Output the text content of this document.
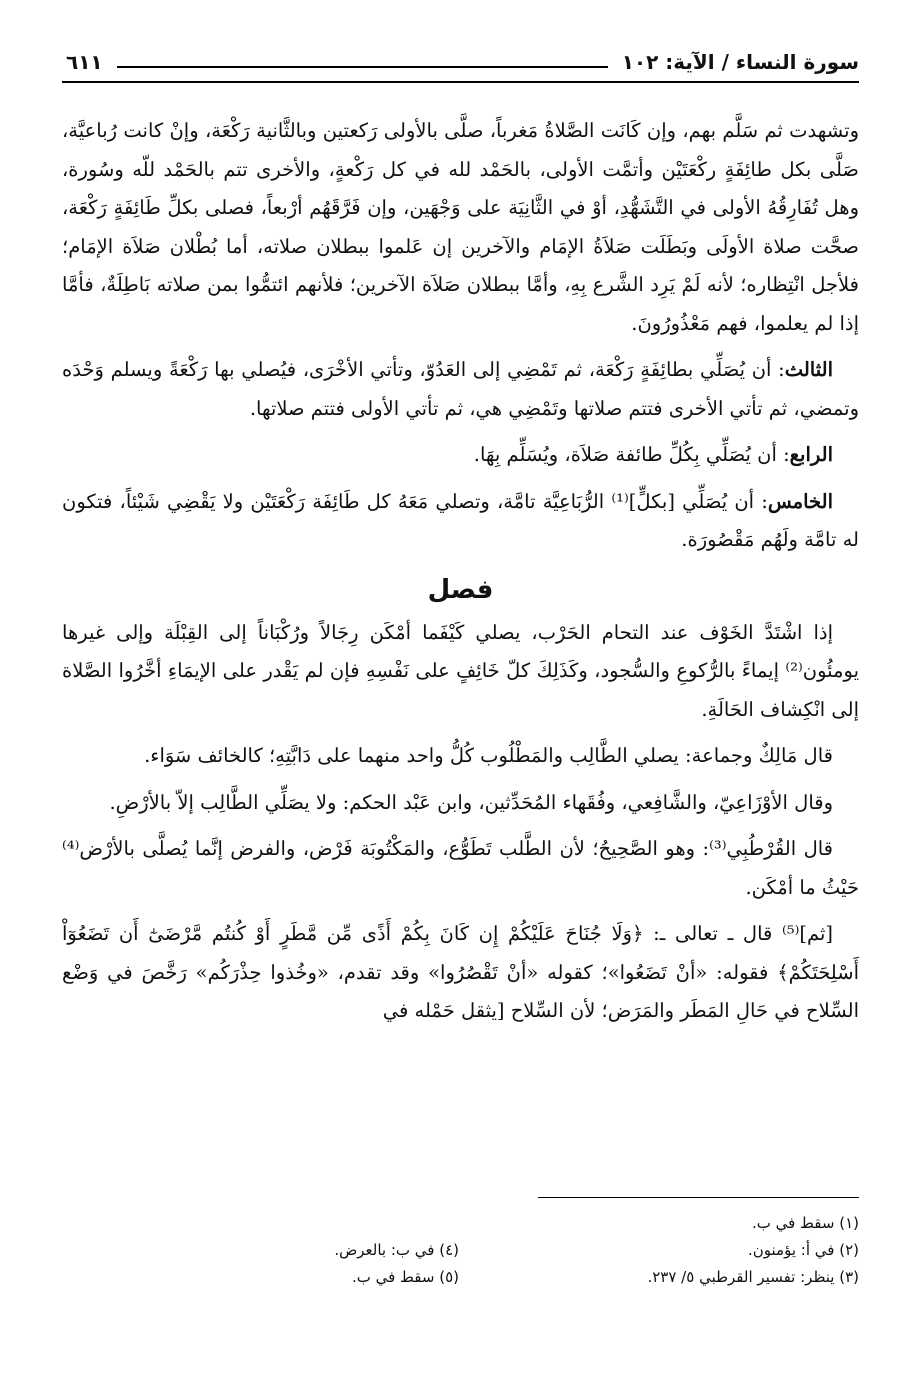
سورة النساء / الآية: ١٠٢
٦١١

وتشهدت ثم سَلَّم بهم، وإن كَانَت الصَّلاةُ مَغرباً، صلَّى بالأولى رَكعتين وبالثَّانية رَكْعَة، وإنْ كانت رُباعيَّة، صَلَّى بكل طائِفَةٍ ركْعَتَيْن وأتمَّت الأولى، بالحَمْد لله في كل رَكْعةٍ، والأخرى تتم بالحَمْد للّه وسُورة، وهل تُفَارِقُهُ الأولى في التَّشَهُّدِ، أوْ في الثَّانِيَة على وَجْهَين، وإن فَرَّقَهُم أرْبعاً، فصلى بكلِّ طَائِفَةٍ رَكْعَة، صحَّت صلاة الأولَى وبَطَلَت صَلاَةُ الإمَام والآخرين إن عَلموا ببطلان صلاته، أما بُطْلان صَلاَة الإمَام؛ فلأجل انْتِظاره؛ لأنه لَمْ يَرِد الشَّرع بِهِ، وأمَّا ببطلان صَلاَة الآخرين؛ فلأنهم ائتمُّوا بمن صلاته بَاطِلَةٌ، فأمَّا إذا لم يعلموا، فهم مَعْذُورُونَ.

الثالث: أن يُصَلِّي بطائِفَةٍ رَكْعَة، ثم تَمْضِي إلى العَدُوّ، وتأتي الأخْرَى، فيُصلي بها رَكْعَةً ويسلم وَحْدَه وتمضي، ثم تأتي الأخرى فتتم صلاتها وتَمْضِي هي، ثم تأتي الأولى فتتم صلاتها.

الرابع: أن يُصَلِّي بِكُلِّ طائفة صَلاَة، ويُسَلِّم بِهَا.

الخامس: أن يُصَلِّي [بكلٍّ]⁽¹⁾ الرُّبَاعِيَّة تامَّة، وتصلي مَعَهُ كل طَائِفَة رَكْعَتَيْن ولا يَقْضِي شَيْئاً، فتكون له تامَّة ولَهُم مَقْصُورَة.

فصل

إذا اشْتَدَّ الخَوْف عند التحام الحَرْب، يصلي كَيْفَما أمْكَن رِجَالاً ورُكْبَاناً إلى القِبْلَة وإلى غيرها يومئُون⁽²⁾ إيماءً بالرُّكوعِ والسُّجود، وكَذَلِكَ كلّ خَائِفٍ على نَفْسِهِ فإن لم يَقْدر على الإيمَاءِ أخَّرُوا الصَّلاة إلى انْكِشاف الحَالَةِ.

قال مَالِكٌ وجماعة: يصلي الطَّالِب والمَطْلُوب كُلُّ واحد منهما على دَابَّتِهِ؛ كالخائف سَوَاء.

وقال الأوْزَاعِيّ، والشَّافِعي، وفُقَهاء المُحَدِّثين، وابن عَبْد الحكم: ولا يصَلِّي الطَّالِب إلاّ بالأرْضِ.

قال القُرْطُبِي⁽³⁾: وهو الصَّحِيحُ؛ لأن الطَّلب تَطَوُّع، والمَكْتُوبَة فَرْض، والفرض إنَّما يُصلَّى بالأرْض⁽⁴⁾ حَيْثُ ما أمْكَن.

[ثم]⁽⁵⁾ قال ـ تعالى ـ: ﴿وَلَا جُنَاحَ عَلَيْكُمْ إِن كَانَ بِكُمْ أَذًى مِّن مَّطَرٍ أَوْ كُنتُم مَّرْضَىٰٓ أَن تَضَعُوٓاْ أَسْلِحَتَكُمْ﴾ فقوله: «أنْ تَضَعُوا»؛ كقوله «أنْ تَقْصُرُوا» وقد تقدم، «وخُذوا حِذْرَكُم» رَخَّصَ في وَضْع السِّلاح في حَالِ المَطَر والمَرَض؛ لأن السِّلاح [يثقل حَمْله في

(١) سقط في ب.
(٢) في أ: يؤمنون.
(٤) في ب: بالعرض.
(٣) ينظر: تفسير القرطبي ٥/ ٢٣٧.
(٥) سقط في ب.
